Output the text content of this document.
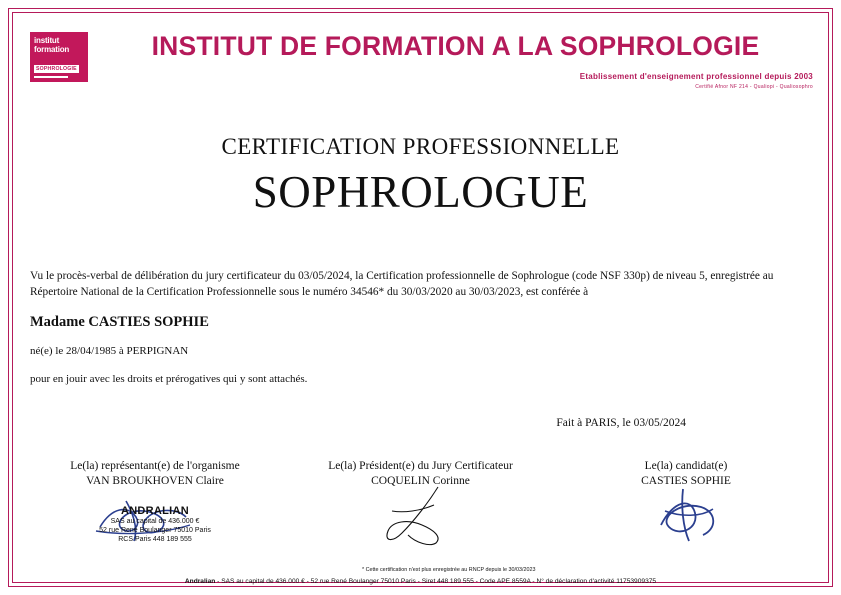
institut
formation
SOPHROLOGIE
INSTITUT DE FORMATION A LA SOPHROLOGIE
Etablissement d'enseignement professionnel depuis 2003
Certifié Afnor NF 214 - Qualiopi - Qualiosophro
CERTIFICATION PROFESSIONNELLE
SOPHROLOGUE
Vu le procès-verbal de délibération du jury certificateur du 03/05/2024, la Certification professionnelle de Sophrologue (code NSF 330p) de niveau 5, enregistrée au Répertoire National de la Certification Professionnelle sous le numéro 34546* du 30/03/2020 au 30/03/2023, est conférée à
Madame CASTIES SOPHIE
né(e) le 28/04/1985 à PERPIGNAN
pour en jouir avec les droits et prérogatives qui y sont attachés.
Fait à PARIS, le 03/05/2024
Le(la) représentant(e) de l'organisme
VAN BROUKHOVEN Claire
ANDRALIAN
SAS au capital de 436.000 €
52 rue René Boulanger 75010 Paris
RCS Paris 448 189 555
Le(la) Président(e) du Jury Certificateur
COQUELIN Corinne
Le(la) candidat(e)
CASTIES SOPHIE
* Cette certification n'est plus enregistrée au RNCP depuis le 30/03/2023
Andralian - SAS au capital de 436.000 € - 52 rue René Boulanger 75010 Paris - Siret 448 189 555 - Code APE 8559A - N° de déclaration d'activité 11753909375
